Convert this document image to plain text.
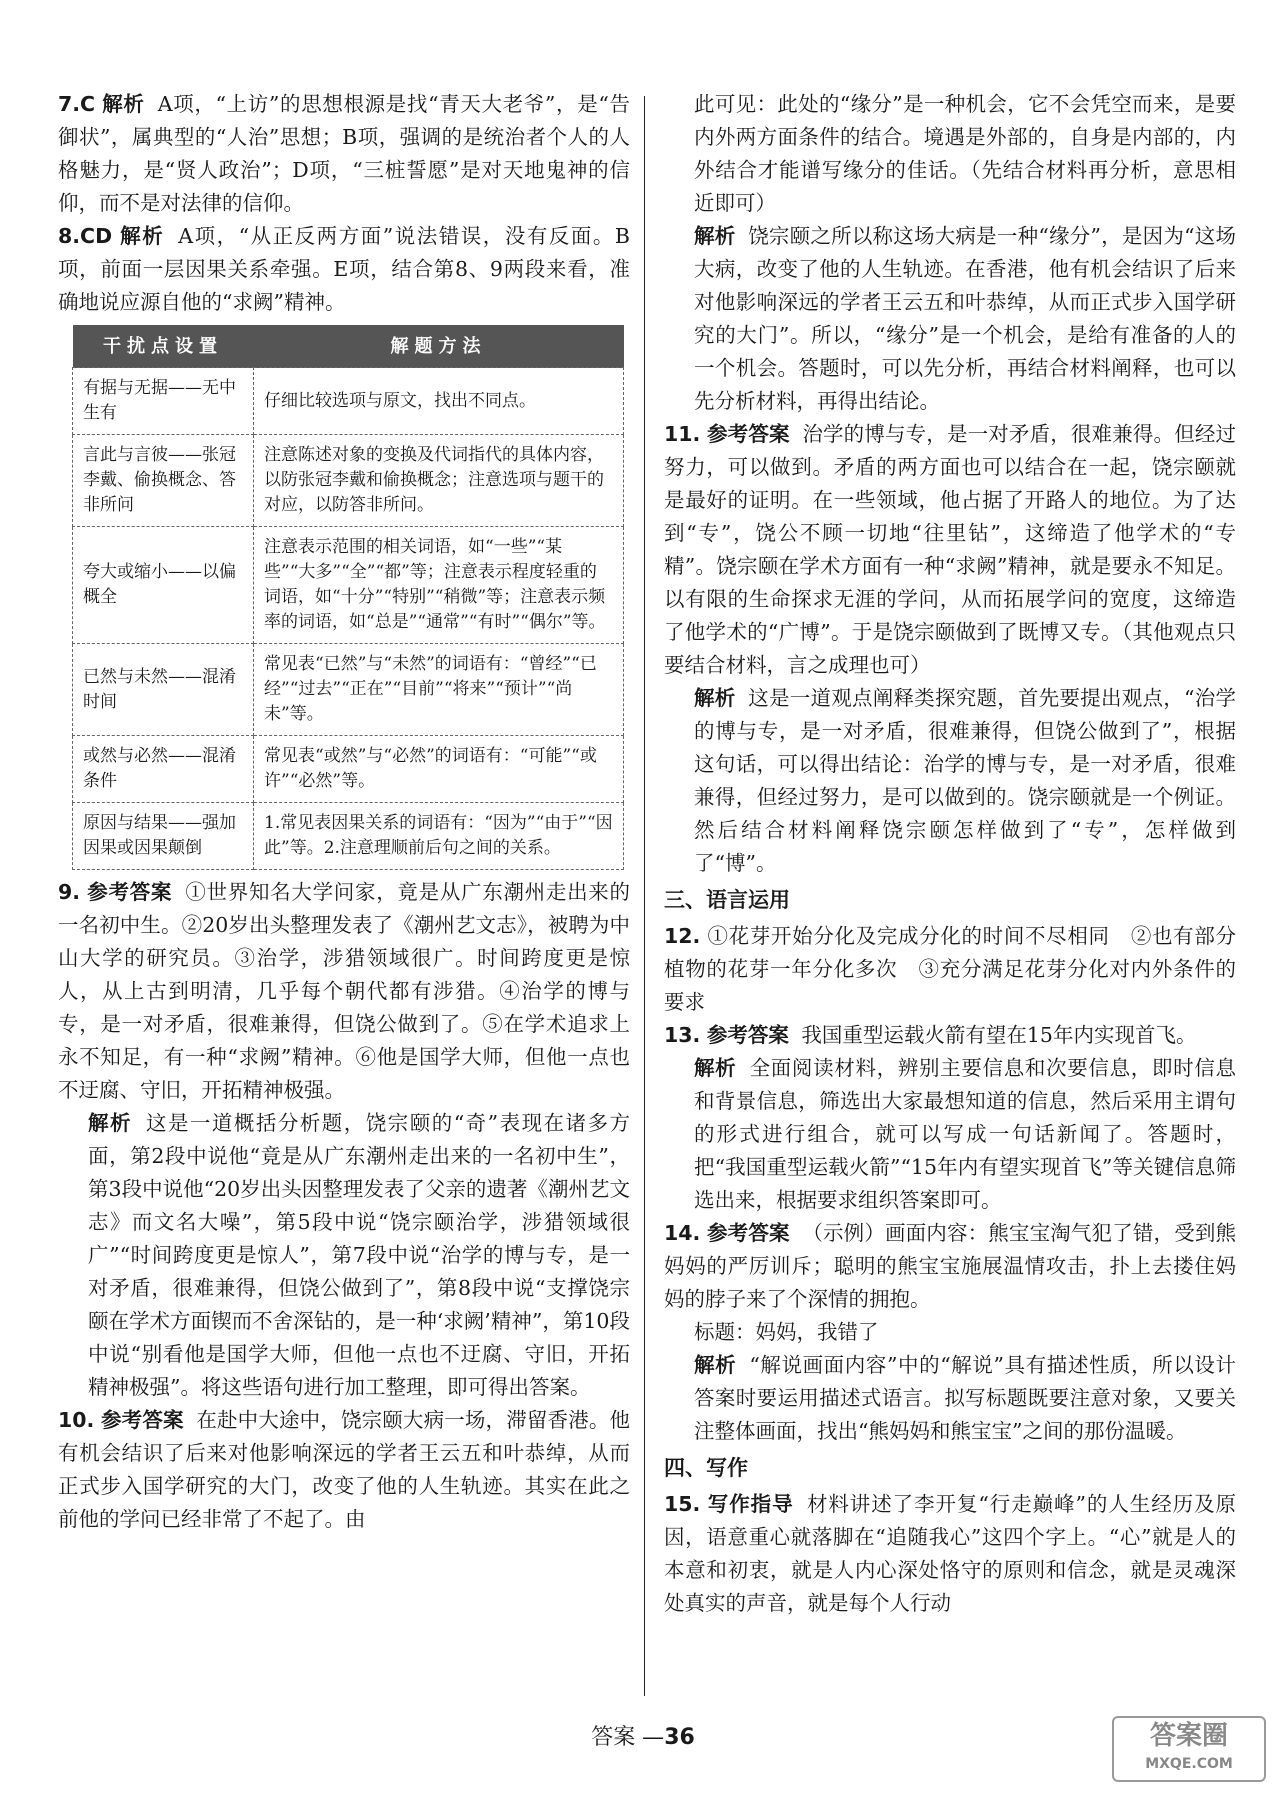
7.C 解析 A项，“上访”的思想根源是找“青天大老爷”，是“告御状”，属典型的“人治”思想；B项，强调的是统治者个人的人格魅力，是“贤人政治”；D项，“三桩誓愿”是对天地鬼神的信仰，而不是对法律的信仰。

8.CD 解析 A项，“从正反两方面”说法错误，没有反面。B项，前面一层因果关系牵强。E项，结合第8、9两段来看，准确地说应源自他的“求阙”精神。

干扰点设置	解题方法
有据与无据——无中生有	仔细比较选项与原文，找出不同点。
言此与言彼——张冠李戴、偷换概念、答非所问	注意陈述对象的变换及代词指代的具体内容，以防张冠李戴和偷换概念；注意选项与题干的对应，以防答非所问。
夸大或缩小——以偏概全	注意表示范围的相关词语，如“一些”“某些”“大多”“全”“都”等；注意表示程度轻重的词语，如“十分”“特别”“稍微”等；注意表示频率的词语，如“总是”“通常”“有时”“偶尔”等。
已然与未然——混淆时间	常见表“已然”与“未然”的词语有：“曾经”“已经”“过去”“正在”“目前”“将来”“预计”“尚未”等。
或然与必然——混淆条件	常见表“或然”与“必然”的词语有：“可能”“或许”“必然”等。
原因与结果——强加因果或因果颠倒	1.常见表因果关系的词语有：“因为”“由于”“因此”等。2.注意理顺前后句之间的关系。

9. 参考答案 ①世界知名大学问家，竟是从广东潮州走出来的一名初中生。②20岁出头整理发表了《潮州艺文志》，被聘为中山大学的研究员。③治学，涉猎领域很广。时间跨度更是惊人，从上古到明清，几乎每个朝代都有涉猎。④治学的博与专，是一对矛盾，很难兼得，但饶公做到了。⑤在学术追求上永不知足，有一种“求阙”精神。⑥他是国学大师，但他一点也不迂腐、守旧，开拓精神极强。

解析 这是一道概括分析题，饶宗颐的“奇”表现在诸多方面，第2段中说他“竟是从广东潮州走出来的一名初中生”，第3段中说他“20岁出头因整理发表了父亲的遗著《潮州艺文志》而文名大噪”，第5段中说“饶宗颐治学，涉猎领域很广”“时间跨度更是惊人”，第7段中说“治学的博与专，是一对矛盾，很难兼得，但饶公做到了”，第8段中说“支撑饶宗颐在学术方面锲而不舍深钻的，是一种‘求阙’精神”，第10段中说“别看他是国学大师，但他一点也不迂腐、守旧，开拓精神极强”。将这些语句进行加工整理，即可得出答案。

10. 参考答案 在赴中大途中，饶宗颐大病一场，滞留香港。他有机会结识了后来对他影响深远的学者王云五和叶恭绰，从而正式步入国学研究的大门，改变了他的人生轨迹。其实在此之前他的学问已经非常了不起了。由

此可见：此处的“缘分”是一种机会，它不会凭空而来，是要内外两方面条件的结合。境遇是外部的，自身是内部的，内外结合才能谱写缘分的佳话。（先结合材料再分析，意思相近即可）

解析 饶宗颐之所以称这场大病是一种“缘分”，是因为“这场大病，改变了他的人生轨迹。在香港，他有机会结识了后来对他影响深远的学者王云五和叶恭绰，从而正式步入国学研究的大门”。所以，“缘分”是一个机会，是给有准备的人的一个机会。答题时，可以先分析，再结合材料阐释，也可以先分析材料，再得出结论。

11. 参考答案 治学的博与专，是一对矛盾，很难兼得。但经过努力，可以做到。矛盾的两方面也可以结合在一起，饶宗颐就是最好的证明。在一些领域，他占据了开路人的地位。为了达到“专”，饶公不顾一切地“往里钻”，这缔造了他学术的“专精”。饶宗颐在学术方面有一种“求阙”精神，就是要永不知足。以有限的生命探求无涯的学问，从而拓展学问的宽度，这缔造了他学术的“广博”。于是饶宗颐做到了既博又专。（其他观点只要结合材料，言之成理也可）

解析 这是一道观点阐释类探究题，首先要提出观点，“治学的博与专，是一对矛盾，很难兼得，但饶公做到了”，根据这句话，可以得出结论：治学的博与专，是一对矛盾，很难兼得，但经过努力，是可以做到的。饶宗颐就是一个例证。然后结合材料阐释饶宗颐怎样做到了“专”，怎样做到了“博”。

三、语言运用

12. ①花芽开始分化及完成分化的时间不尽相同　②也有部分植物的花芽一年分化多次　③充分满足花芽分化对内外条件的要求

13. 参考答案 我国重型运载火箭有望在15年内实现首飞。

解析 全面阅读材料，辨别主要信息和次要信息，即时信息和背景信息，筛选出大家最想知道的信息，然后采用主谓句的形式进行组合，就可以写成一句话新闻了。答题时，把“我国重型运载火箭”“15年内有望实现首飞”等关键信息筛选出来，根据要求组织答案即可。

14. 参考答案 （示例）画面内容：熊宝宝淘气犯了错，受到熊妈妈的严厉训斥；聪明的熊宝宝施展温情攻击，扑上去搂住妈妈的脖子来了个深情的拥抱。

标题：妈妈，我错了

解析 “解说画面内容”中的“解说”具有描述性质，所以设计答案时要运用描述式语言。拟写标题既要注意对象，又要关注整体画面，找出“熊妈妈和熊宝宝”之间的那份温暖。

四、写作

15. 写作指导 材料讲述了李开复“行走巅峰”的人生经历及原因，语意重心就落脚在“追随我心”这四个字上。“心”就是人的本意和初衷，就是人内心深处恪守的原则和信念，就是灵魂深处真实的声音，就是每个人行动

答案 —36	答案圈
MXQE.COM
